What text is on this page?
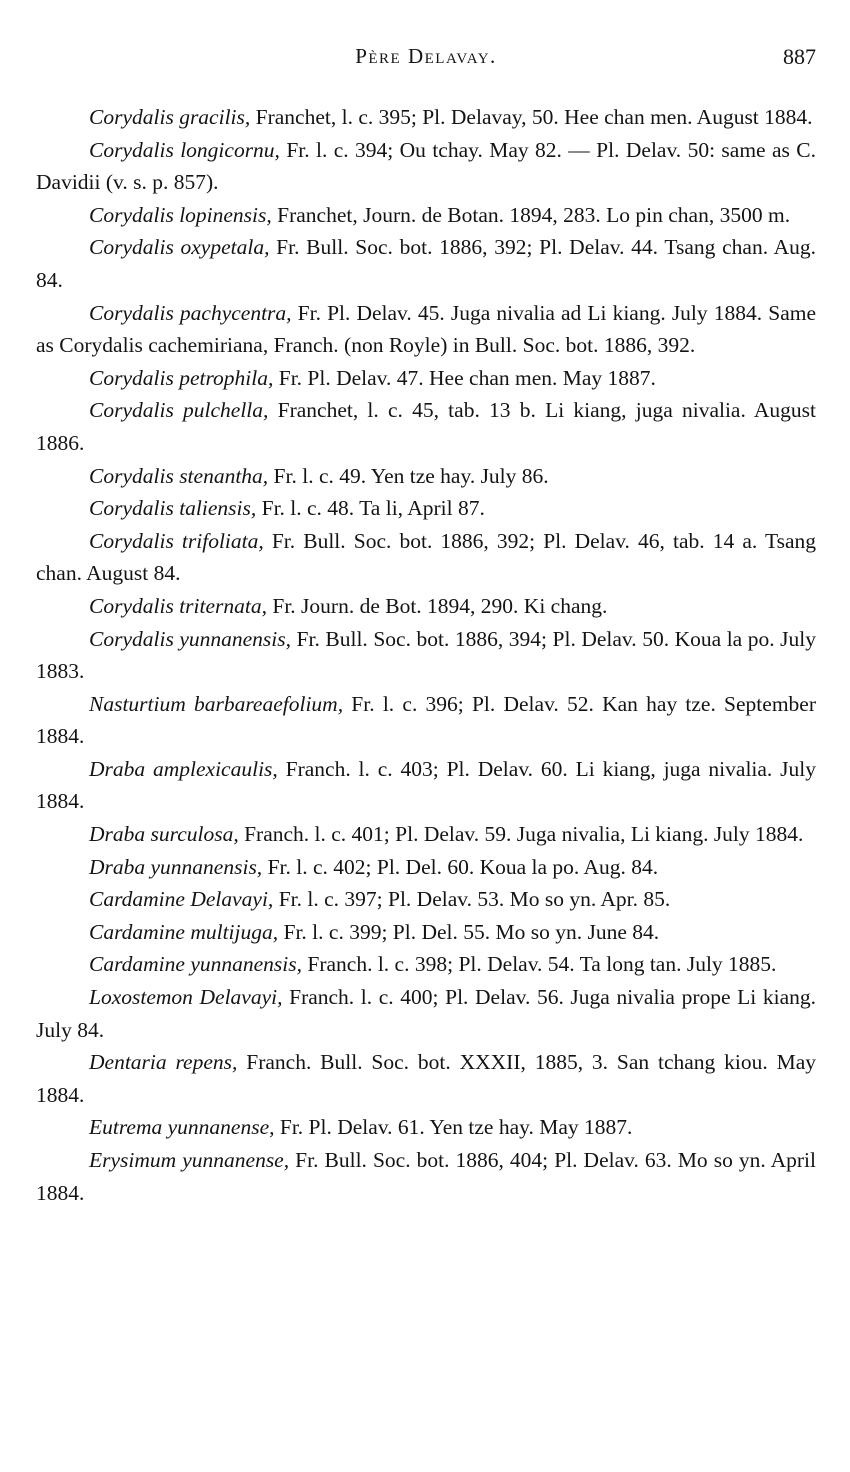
Père Delavay.	887

Corydalis gracilis, Franchet, l. c. 395; Pl. Delavay, 50. Hee chan men. August 1884.

Corydalis longicornu, Fr. l. c. 394; Ou tchay. May 82. — Pl. Delav. 50: same as C. Davidii (v. s. p. 857).

Corydalis lopinensis, Franchet, Journ. de Botan. 1894, 283. Lo pin chan, 3500 m.

Corydalis oxypetala, Fr. Bull. Soc. bot. 1886, 392; Pl. Delav. 44. Tsang chan. Aug. 84.

Corydalis pachycentra, Fr. Pl. Delav. 45. Juga nivalia ad Li kiang. July 1884. Same as Corydalis cachemiriana, Franch. (non Royle) in Bull. Soc. bot. 1886, 392.

Corydalis petrophila, Fr. Pl. Delav. 47. Hee chan men. May 1887.

Corydalis pulchella, Franchet, l. c. 45, tab. 13 b. Li kiang, juga nivalia. August 1886.

Corydalis stenantha, Fr. l. c. 49. Yen tze hay. July 86.

Corydalis taliensis, Fr. l. c. 48. Ta li, April 87.

Corydalis trifoliata, Fr. Bull. Soc. bot. 1886, 392; Pl. Delav. 46, tab. 14 a. Tsang chan. August 84.

Corydalis triternata, Fr. Journ. de Bot. 1894, 290. Ki chang.

Corydalis yunnanensis, Fr. Bull. Soc. bot. 1886, 394; Pl. Delav. 50. Koua la po. July 1883.

Nasturtium barbareaefolium, Fr. l. c. 396; Pl. Delav. 52. Kan hay tze. September 1884.

Draba amplexicaulis, Franch. l. c. 403; Pl. Delav. 60. Li kiang, juga nivalia. July 1884.

Draba surculosa, Franch. l. c. 401; Pl. Delav. 59. Juga nivalia, Li kiang. July 1884.

Draba yunnanensis, Fr. l. c. 402; Pl. Del. 60. Koua la po. Aug. 84.

Cardamine Delavayi, Fr. l. c. 397; Pl. Delav. 53. Mo so yn. Apr. 85.

Cardamine multijuga, Fr. l. c. 399; Pl. Del. 55. Mo so yn. June 84.

Cardamine yunnanensis, Franch. l. c. 398; Pl. Delav. 54. Ta long tan. July 1885.

Loxostemon Delavayi, Franch. l. c. 400; Pl. Delav. 56. Juga nivalia prope Li kiang. July 84.

Dentaria repens, Franch. Bull. Soc. bot. XXXII, 1885, 3. San tchang kiou. May 1884.

Eutrema yunnanense, Fr. Pl. Delav. 61. Yen tze hay. May 1887.

Erysimum yunnanense, Fr. Bull. Soc. bot. 1886, 404; Pl. Delav. 63. Mo so yn. April 1884.
